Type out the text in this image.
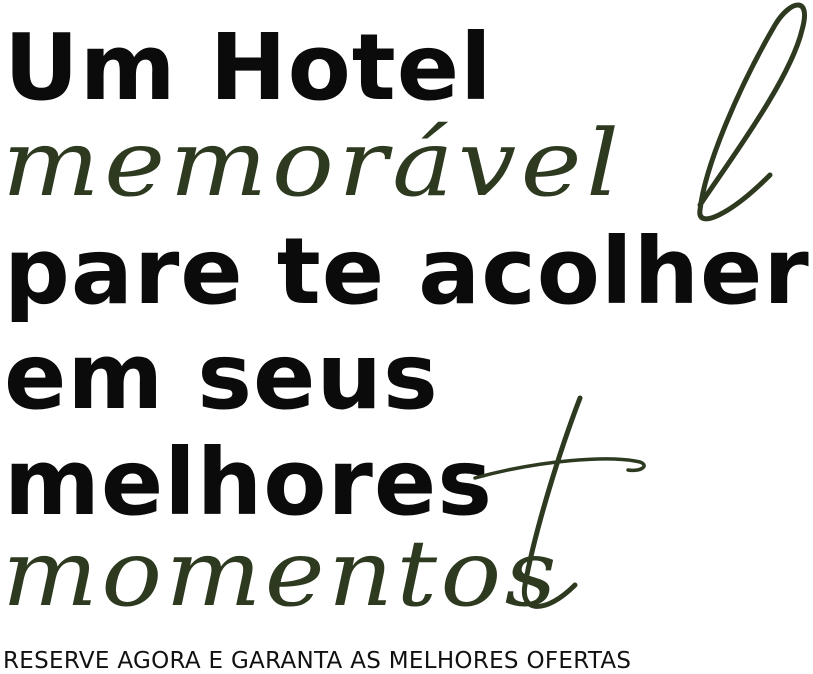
Um Hotel
memorável
pare te acolher
em seus
melhores
momentos

RESERVE AGORA E GARANTA AS MELHORES OFERTAS
